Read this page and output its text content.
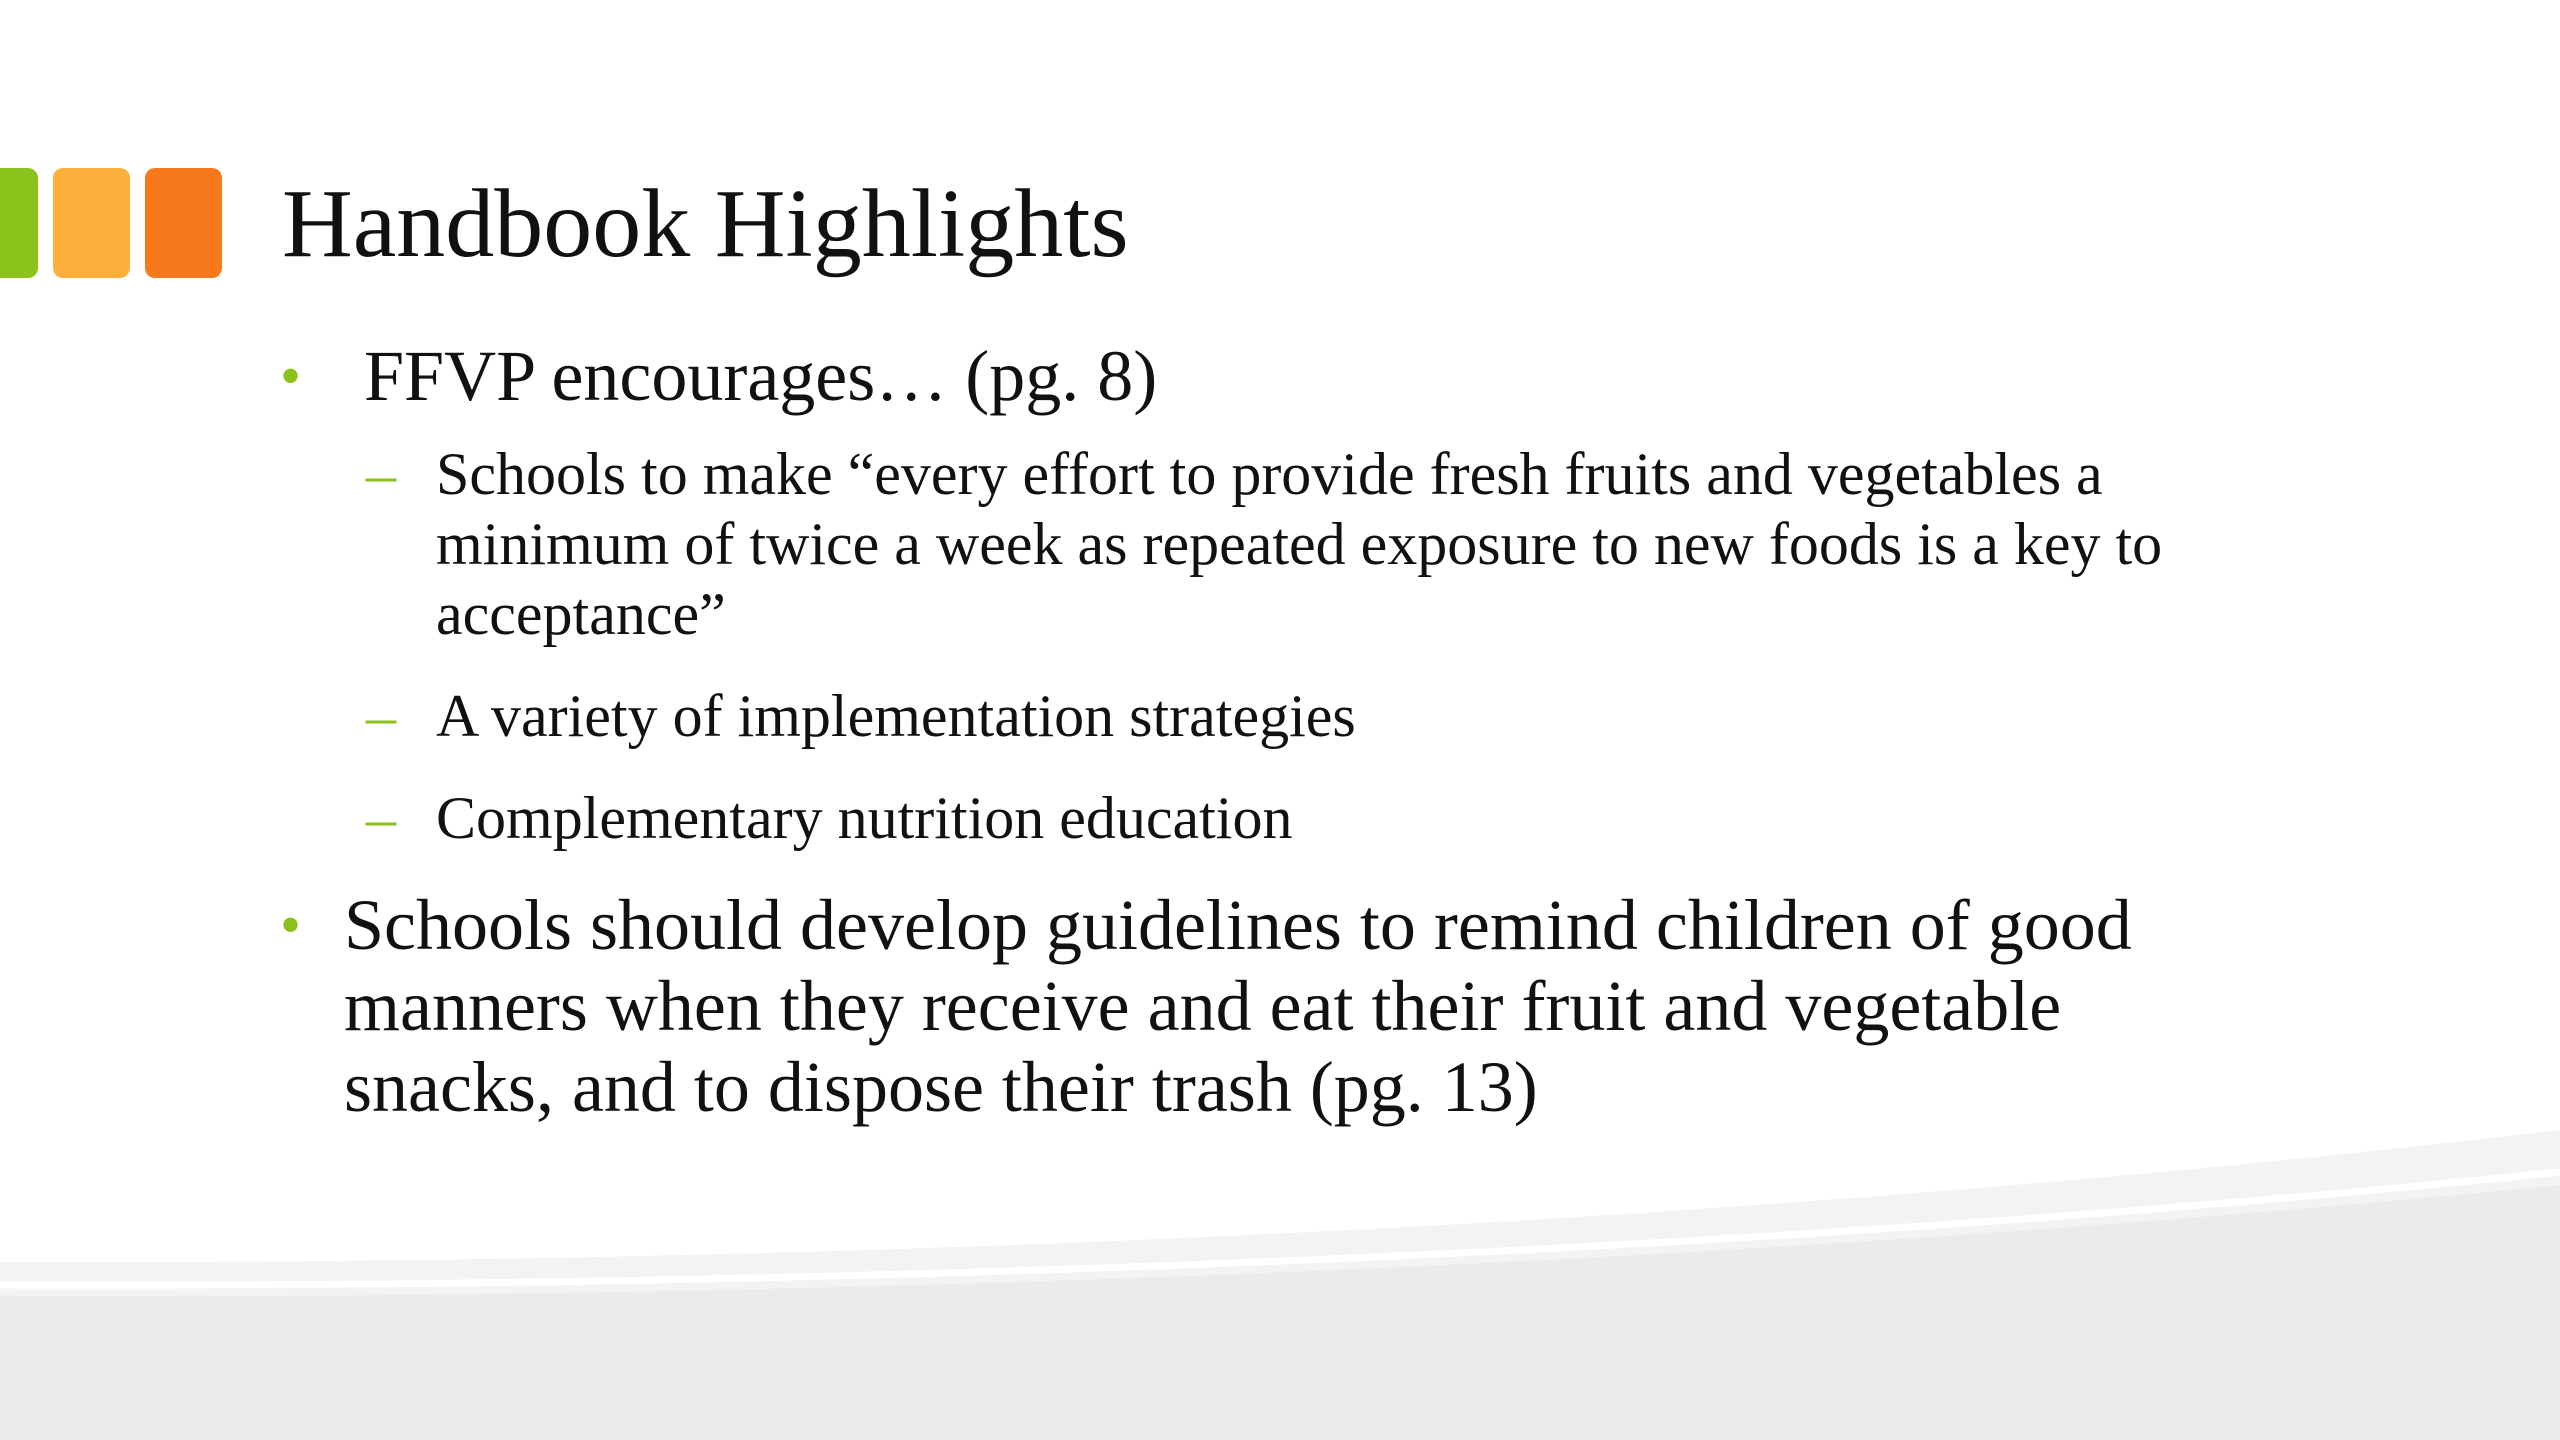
Handbook Highlights
• FFVP encourages… (pg. 8)
– Schools to make “every effort to provide fresh fruits and vegetables a minimum of twice a week as repeated exposure to new foods is a key to acceptance”
– A variety of implementation strategies
– Complementary nutrition education
• Schools should develop guidelines to remind children of good manners when they receive and eat their fruit and vegetable snacks, and to dispose their trash (pg. 13)
